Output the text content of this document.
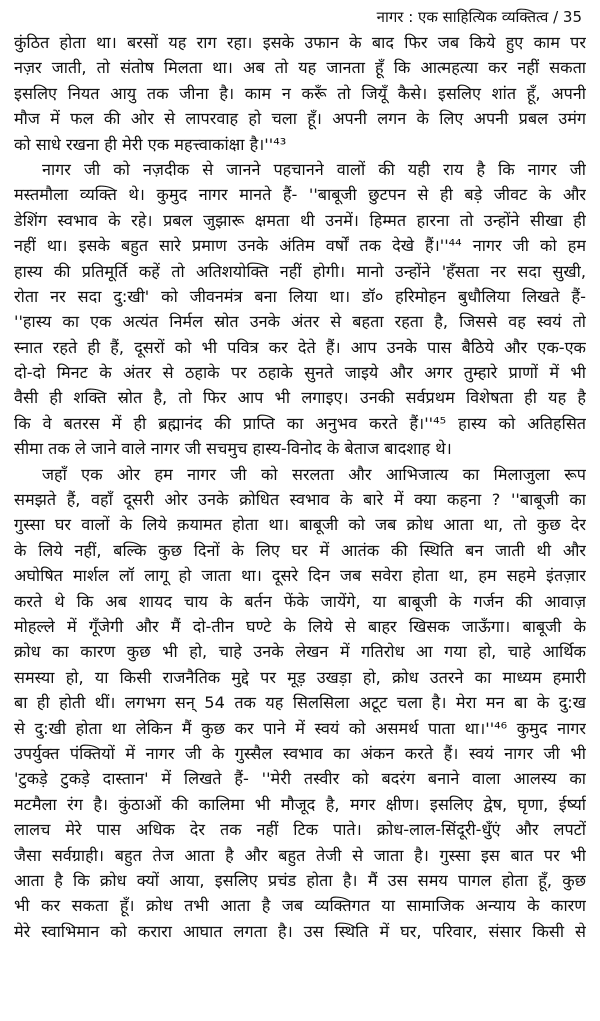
नागर : एक साहित्यिक व्यक्तित्व / 35
कुंठित होता था। बरसों यह राग रहा। इसके उफान के बाद फिर जब किये हुए काम पर
नज़र जाती, तो संतोष मिलता था। अब तो यह जानता हूँ कि आत्महत्या कर नहीं सकता
इसलिए नियत आयु तक जीना है। काम न करूँ तो जियूँ कैसे। इसलिए शांत हूँ, अपनी
मौज में फल की ओर से लापरवाह हो चला हूँ। अपनी लगन के लिए अपनी प्रबल उमंग
को साधे रखना ही मेरी एक महत्त्वाकांक्षा है।''⁴³
नागर जी को नज़दीक से जानने पहचानने वालों की यही राय है कि नागर जी
मस्तमौला व्यक्ति थे। कुमुद नागर मानते हैं- ''बाबूजी छुटपन से ही बड़े जीवट के और
डेशिंग स्वभाव के रहे। प्रबल जुझारू क्षमता थी उनमें। हिम्मत हारना तो उन्होंने सीखा ही
नहीं था। इसके बहुत सारे प्रमाण उनके अंतिम वर्षों तक देखे हैं।''⁴⁴ नागर जी को हम
हास्य की प्रतिमूर्ति कहें तो अतिशयोक्ति नहीं होगी। मानो उन्होंने 'हँसता नर सदा सुखी,
रोता नर सदा दु:खी' को जीवनमंत्र बना लिया था। डॉ० हरिमोहन बुधौलिया लिखते हैं-
''हास्य का एक अत्यंत निर्मल स्रोत उनके अंतर से बहता रहता है, जिससे वह स्वयं तो
स्नात रहते ही हैं, दूसरों को भी पवित्र कर देते हैं। आप उनके पास बैठिये और एक-एक
दो-दो मिनट के अंतर से ठहाके पर ठहाके सुनते जाइये और अगर तुम्हारे प्राणों में भी
वैसी ही शक्ति स्रोत है, तो फिर आप भी लगाइए। उनकी सर्वप्रथम विशेषता ही यह है
कि वे बतरस में ही ब्रह्मानंद की प्राप्ति का अनुभव करते हैं।''⁴⁵ हास्य को अतिहसित
सीमा तक ले जाने वाले नागर जी सचमुच हास्य-विनोद के बेताज बादशाह थे।
जहाँ एक ओर हम नागर जी को सरलता और आभिजात्य का मिलाजुला रूप
समझते हैं, वहाँ दूसरी ओर उनके क्रोधित स्वभाव के बारे में क्या कहना ? ''बाबूजी का
गुस्सा घर वालों के लिये क़यामत होता था। बाबूजी को जब क्रोध आता था, तो कुछ देर
के लिये नहीं, बल्कि कुछ दिनों के लिए घर में आतंक की स्थिति बन जाती थी और
अघोषित मार्शल लॉ लागू हो जाता था। दूसरे दिन जब सवेरा होता था, हम सहमे इंतज़ार
करते थे कि अब शायद चाय के बर्तन फेंके जायेंगे, या बाबूजी के गर्जन की आवाज़
मोहल्ले में गूँजेगी और मैं दो-तीन घण्टे के लिये से बाहर खिसक जाऊँगा। बाबूजी के
क्रोध का कारण कुछ भी हो, चाहे उनके लेखन में गतिरोध आ गया हो, चाहे आर्थिक
समस्या हो, या किसी राजनैतिक मुद्दे पर मूड़ उखड़ा हो, क्रोध उतरने का माध्यम हमारी
बा ही होती थीं। लगभग सन् 54 तक यह सिलसिला अटूट चला है। मेरा मन बा के दु:ख
से दु:खी होता था लेकिन मैं कुछ कर पाने में स्वयं को असमर्थ पाता था।''⁴⁶ कुमुद नागर
उपर्युक्त पंक्तियों में नागर जी के गुस्सैल स्वभाव का अंकन करते हैं। स्वयं नागर जी भी
'टुकड़े टुकड़े दास्तान' में लिखते हैं- ''मेरी तस्वीर को बदरंग बनाने वाला आलस्य का
मटमैला रंग है। कुंठाओं की कालिमा भी मौजूद है, मगर क्षीण। इसलिए द्वेष, घृणा, ईर्ष्या
लालच मेरे पास अधिक देर तक नहीं टिक पाते। क्रोध-लाल-सिंदूरी-धुँएं और लपटों
जैसा सर्वग्राही। बहुत तेज आता है और बहुत तेजी से जाता है। गुस्सा इस बात पर भी
आता है कि क्रोध क्यों आया, इसलिए प्रचंड होता है। मैं उस समय पागल होता हूँ, कुछ
भी कर सकता हूँ। क्रोध तभी आता है जब व्यक्तिगत या सामाजिक अन्याय के कारण
मेरे स्वाभिमान को करारा आघात लगता है। उस स्थिति में घर, परिवार, संसार किसी से
